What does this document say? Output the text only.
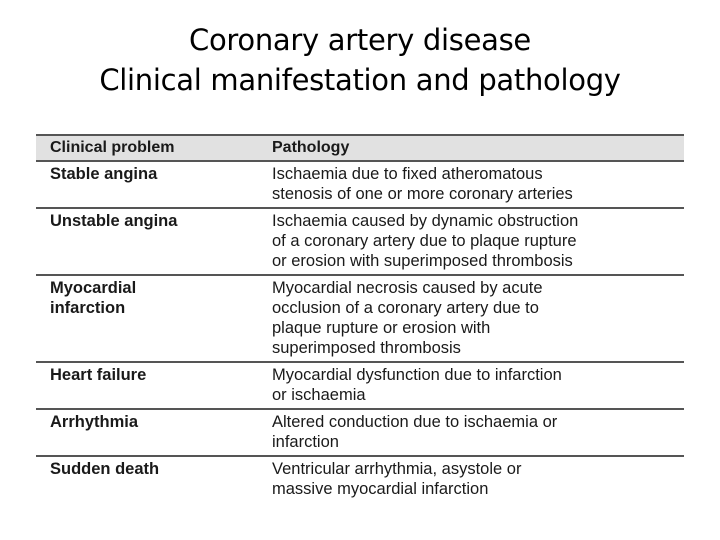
Coronary artery disease
Clinical manifestation and pathology
Clinical problem	Pathology
Stable angina	Ischaemia due to fixed atheromatous
stenosis of one or more coronary arteries
Unstable angina	Ischaemia caused by dynamic obstruction
of a coronary artery due to plaque rupture
or erosion with superimposed thrombosis
Myocardial
infarction	Myocardial necrosis caused by acute
occlusion of a coronary artery due to
plaque rupture or erosion with
superimposed thrombosis
Heart failure	Myocardial dysfunction due to infarction
or ischaemia
Arrhythmia	Altered conduction due to ischaemia or
infarction
Sudden death	Ventricular arrhythmia, asystole or
massive myocardial infarction
